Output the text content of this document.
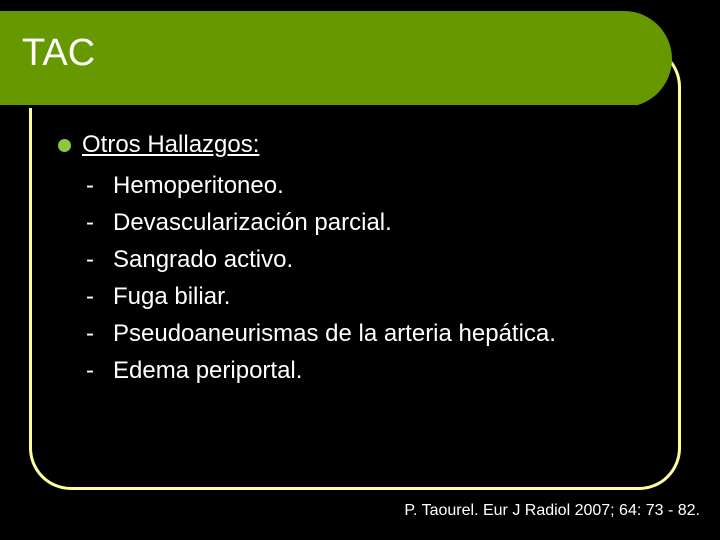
TAC
Otros Hallazgos:
- Hemoperitoneo.
- Devascularización parcial.
- Sangrado activo.
- Fuga biliar.
- Pseudoaneurismas de la arteria hepática.
- Edema periportal.
P. Taourel. Eur J Radiol 2007; 64: 73 - 82.
